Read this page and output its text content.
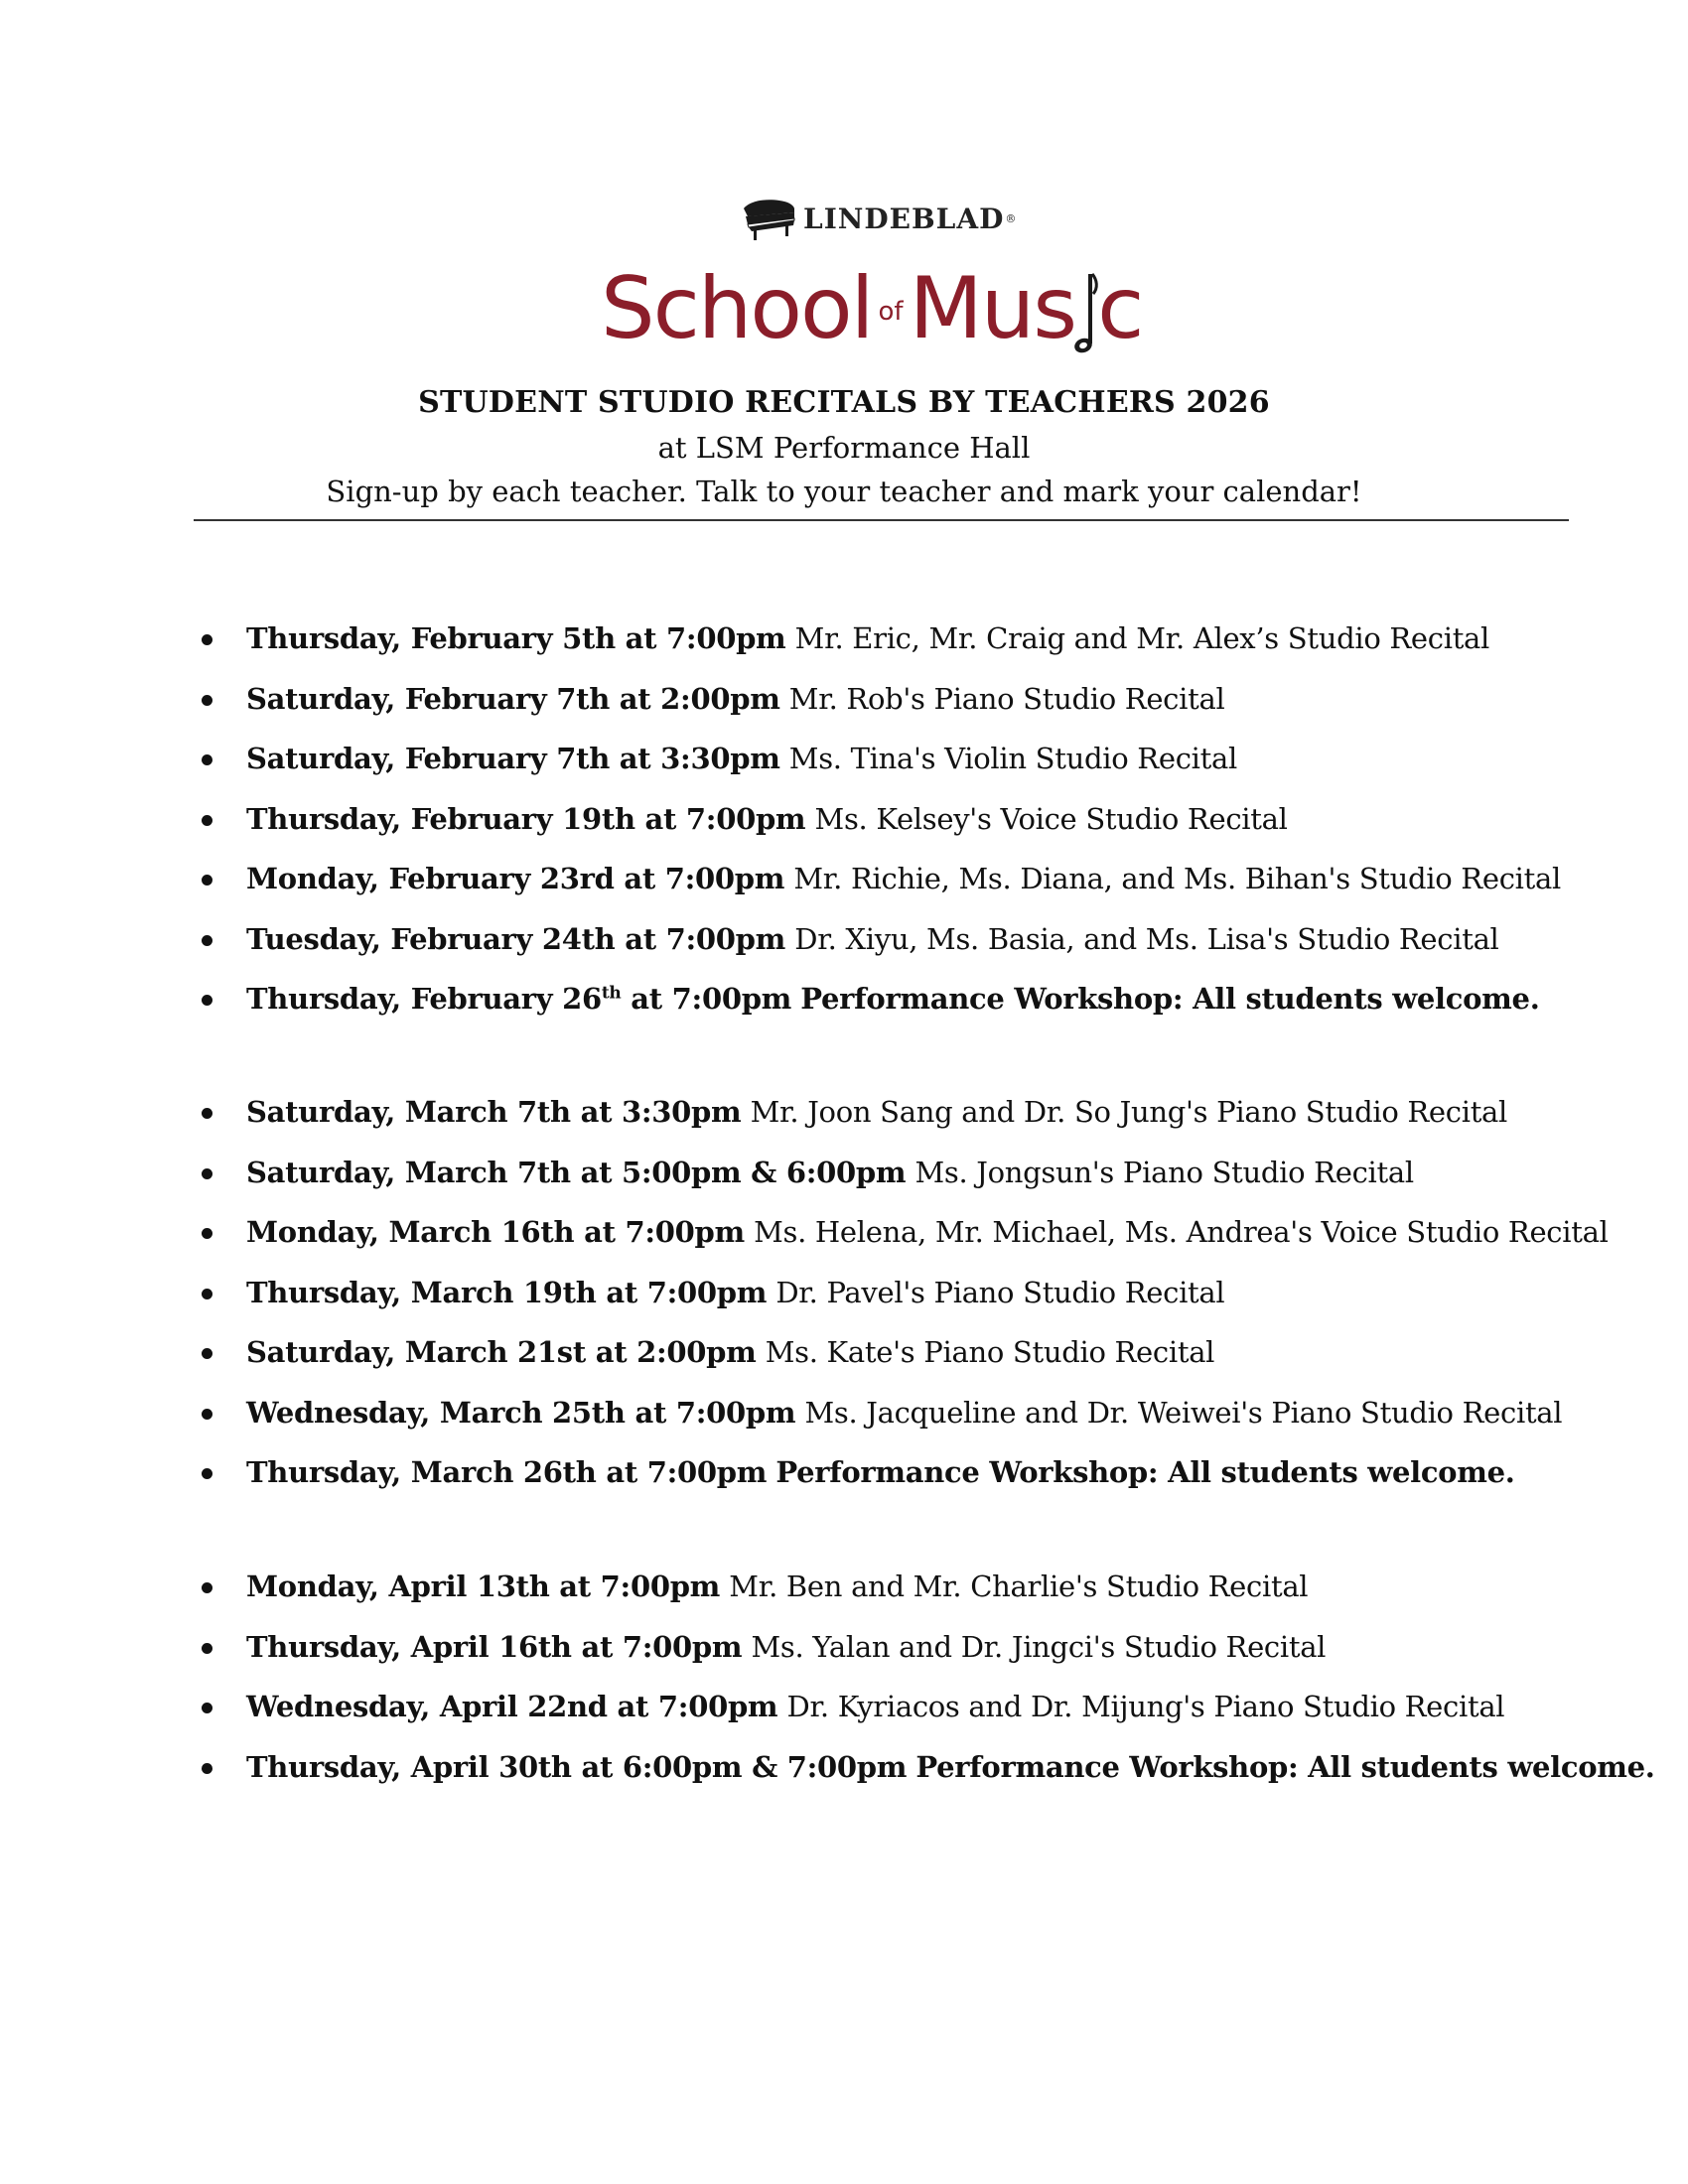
LINDEBLAD ®
School of Mus c
STUDENT STUDIO RECITALS BY TEACHERS 2026
at LSM Performance Hall
Sign-up by each teacher. Talk to your teacher and mark your calendar!
Thursday, February 5th at 7:00pm Mr. Eric, Mr. Craig and Mr. Alex’s Studio Recital
Saturday, February 7th at 2:00pm Mr. Rob's Piano Studio Recital
Saturday, February 7th at 3:30pm Ms. Tina's Violin Studio Recital
Thursday, February 19th at 7:00pm Ms. Kelsey's Voice Studio Recital
Monday, February 23rd at 7:00pm Mr. Richie, Ms. Diana, and Ms. Bihan's Studio Recital
Tuesday, February 24th at 7:00pm Dr. Xiyu, Ms. Basia, and Ms. Lisa's Studio Recital
Thursday, February 26th at 7:00pm Performance Workshop: All students welcome.
Saturday, March 7th at 3:30pm Mr. Joon Sang and Dr. So Jung's Piano Studio Recital
Saturday, March 7th at 5:00pm & 6:00pm Ms. Jongsun's Piano Studio Recital
Monday, March 16th at 7:00pm Ms. Helena, Mr. Michael, Ms. Andrea's Voice Studio Recital
Thursday, March 19th at 7:00pm Dr. Pavel's Piano Studio Recital
Saturday, March 21st at 2:00pm Ms. Kate's Piano Studio Recital
Wednesday, March 25th at 7:00pm Ms. Jacqueline and Dr. Weiwei's Piano Studio Recital
Thursday, March 26th at 7:00pm Performance Workshop: All students welcome.
Monday, April 13th at 7:00pm Mr. Ben and Mr. Charlie's Studio Recital
Thursday, April 16th at 7:00pm Ms. Yalan and Dr. Jingci's Studio Recital
Wednesday, April 22nd at 7:00pm Dr. Kyriacos and Dr. Mijung's Piano Studio Recital
Thursday, April 30th at 6:00pm & 7:00pm Performance Workshop: All students welcome.
